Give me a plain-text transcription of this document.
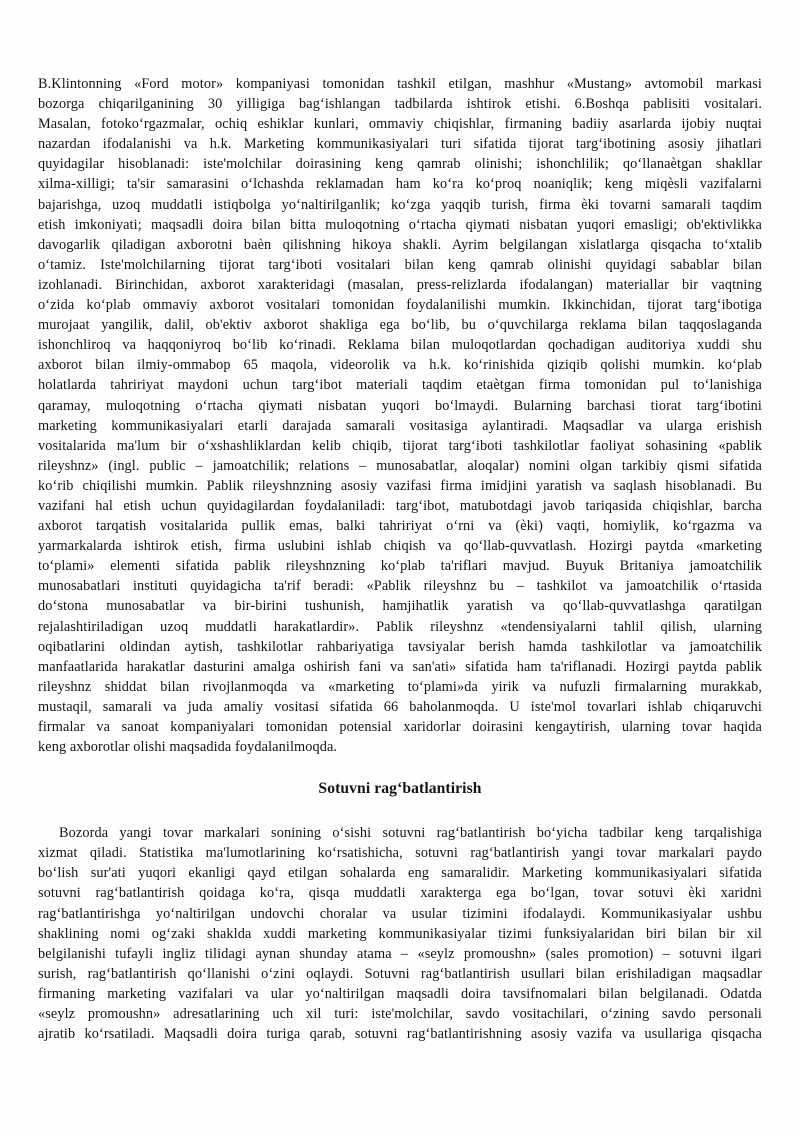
B.Klintonning «Ford motor» kompaniyasi tomonidan tashkil etilgan, mashhur «Mustang» avtomobil markasi
bozorga chiqarilganining 30 yilligiga bag‘ishlangan tadbilarda ishtirok etishi. 6.Boshqa pablisiti vositalari.
Masalan, fotoko‘rgazmalar, ochiq eshiklar kunlari, ommaviy chiqishlar, firmaning badiiy asarlarda ijobiy nuqtai
nazardan ifodalanishi va h.k. Marketing kommunikasiyalari turi sifatida tijorat targ‘ibotining asosiy jihatlari
quyidagilar hisoblanadi: iste'molchilar doirasining keng qamrab olinishi; ishonchlilik; qo‘llanaètgan shakllar
xilma-xilligi; ta'sir samarasini o‘lchashda reklamadan ham ko‘ra ko‘proq noaniqlik; keng miqèsli vazifalarni
bajarishga, uzoq muddatli istiqbolga yo‘naltirilganlik; ko‘zga yaqqib turish, firma èki tovarni samarali taqdim
etish imkoniyati; maqsadli doira bilan bitta muloqotning o‘rtacha qiymati nisbatan yuqori emasligi; ob'ektivlikka
davogarlik qiladigan axborotni baèn qilishning hikoya shakli. Ayrim belgilangan xislatlarga qisqacha to‘xtalib
o‘tamiz. Iste'molchilarning tijorat targ‘iboti vositalari bilan keng qamrab olinishi quyidagi sabablar bilan
izohlanadi. Birinchidan, axborot xarakteridagi (masalan, press-relizlarda ifodalangan) materiallar bir vaqtning
o‘zida ko‘plab ommaviy axborot vositalari tomonidan foydalanilishi mumkin. Ikkinchidan, tijorat targ‘ibotiga
murojaat yangilik, dalil, ob'ektiv axborot shakliga ega bo‘lib, bu o‘quvchilarga reklama bilan taqqoslaganda
ishonchliroq va haqqoniyroq bo‘lib ko‘rinadi. Reklama bilan muloqotlardan qochadigan auditoriya xuddi shu
axborot bilan ilmiy-ommabop 65 maqola, videorolik va h.k. ko‘rinishida qiziqib qolishi mumkin. ko‘plab
holatlarda tahririyat maydoni uchun targ‘ibot materiali taqdim etaètgan firma tomonidan pul to‘lanishiga
qaramay, muloqotning o‘rtacha qiymati nisbatan yuqori bo‘lmaydi. Bularning barchasi tiorat targ‘ibotini
marketing kommunikasiyalari etarli darajada samarali vositasiga aylantiradi. Maqsadlar va ularga erishish
vositalarida ma'lum bir o‘xshashliklardan kelib chiqib, tijorat targ‘iboti tashkilotlar faoliyat sohasining «pablik
rileyshnz» (ingl. public – jamoatchilik; relations – munosabatlar, aloqalar) nomini olgan tarkibiy qismi sifatida
ko‘rib chiqilishi mumkin. Pablik rileyshnzning asosiy vazifasi firma imidjini yaratish va saqlash hisoblanadi. Bu
vazifani hal etish uchun quyidagilardan foydalaniladi: targ‘ibot, matubotdagi javob tariqasida chiqishlar, barcha
axborot tarqatish vositalarida pullik emas, balki tahririyat o‘rni va (èki) vaqti, homiylik, ko‘rgazma va
yarmarkalarda ishtirok etish, firma uslubini ishlab chiqish va qo‘llab-quvvatlash. Hozirgi paytda «marketing
to‘plami» elementi sifatida pablik rileyshnzning ko‘plab ta'riflari mavjud. Buyuk Britaniya jamoatchilik
munosabatlari instituti quyidagicha ta'rif beradi: «Pablik rileyshnz bu – tashkilot va jamoatchilik o‘rtasida
do‘stona munosabatlar va bir-birini tushunish, hamjihatlik yaratish va qo‘llab-quvvatlashga qaratilgan
rejalashtiriladigan uzoq muddatli harakatlardir». Pablik rileyshnz «tendensiyalarni tahlil qilish, ularning
oqibatlarini oldindan aytish, tashkilotlar rahbariyatiga tavsiyalar berish hamda tashkilotlar va jamoatchilik
manfaatlarida harakatlar dasturini amalga oshirish fani va san'ati» sifatida ham ta'riflanadi. Hozirgi paytda pablik
rileyshnz shiddat bilan rivojlanmoqda va «marketing to‘plami»da yirik va nufuzli firmalarning murakkab,
mustaqil, samarali va juda amaliy vositasi sifatida 66 baholanmoqda. U iste'mol tovarlari ishlab chiqaruvchi
firmalar va sanoat kompaniyalari tomonidan potensial xaridorlar doirasini kengaytirish, ularning tovar haqida
keng axborotlar olishi maqsadida foydalanilmoqda.
Sotuvni rag‘batlantirish
Bozorda yangi tovar markalari sonining o‘sishi sotuvni rag‘batlantirish bo‘yicha tadbilar keng tarqalishiga
xizmat qiladi. Statistika ma'lumotlarining ko‘rsatishicha, sotuvni rag‘batlantirish yangi tovar markalari paydo
bo‘lish sur'ati yuqori ekanligi qayd etilgan sohalarda eng samaralidir. Marketing kommunikasiyalari sifatida
sotuvni rag‘batlantirish qoidaga ko‘ra, qisqa muddatli xarakterga ega bo‘lgan, tovar sotuvi èki xaridni
rag‘batlantirishga yo‘naltirilgan undovchi choralar va usular tizimini ifodalaydi. Kommunikasiyalar ushbu
shaklining nomi og‘zaki shaklda xuddi marketing kommunikasiyalar tizimi funksiyalaridan biri bilan bir xil
belgilanishi tufayli ingliz tilidagi aynan shunday atama – «seylz promoushn» (sales promotion) – sotuvni ilgari
surish, rag‘batlantirish qo‘llanishi o‘zini oqlaydi. Sotuvni rag‘batlantirish usullari bilan erishiladigan maqsadlar
firmaning marketing vazifalari va ular yo‘naltirilgan maqsadli doira tavsifnomalari bilan belgilanadi. Odatda
«seylz promoushn» adresatlarining uch xil turi: iste'molchilar, savdo vositachilari, o‘zining savdo personali
ajratib ko‘rsatiladi. Maqsadli doira turiga qarab, sotuvni rag‘batlantirishning asosiy vazifa va usullariga qisqacha
